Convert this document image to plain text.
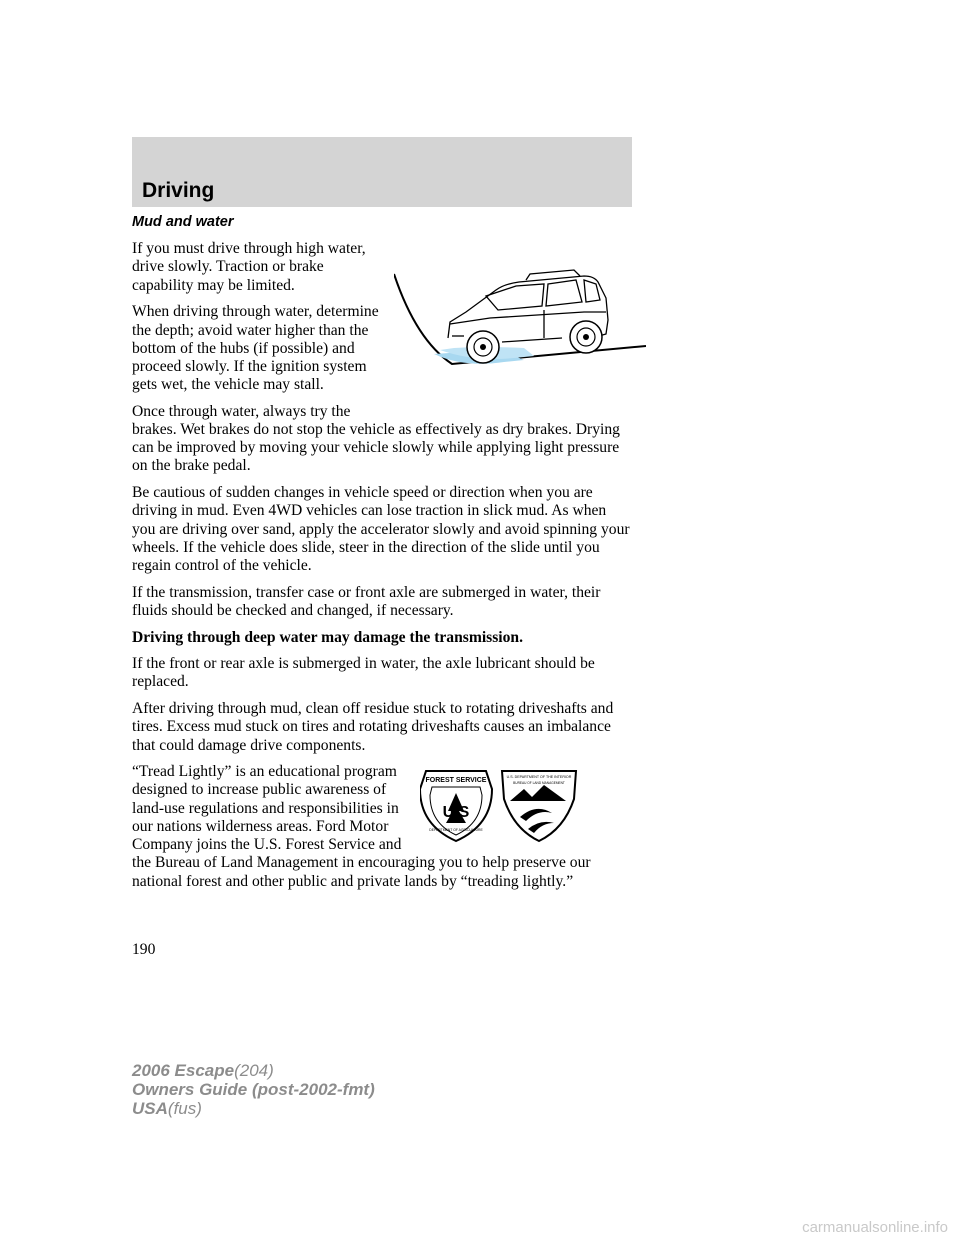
Driving
Mud and water

If you must drive through high water, drive slowly. Traction or brake capability may be limited.

When driving through water, determine the depth; avoid water higher than the bottom of the hubs (if possible) and proceed slowly. If the ignition system gets wet, the vehicle may stall.

Once through water, always try the brakes. Wet brakes do not stop the vehicle as effectively as dry brakes. Drying can be improved by moving your vehicle slowly while applying light pressure on the brake pedal.

Be cautious of sudden changes in vehicle speed or direction when you are driving in mud. Even 4WD vehicles can lose traction in slick mud. As when you are driving over sand, apply the accelerator slowly and avoid spinning your wheels. If the vehicle does slide, steer in the direction of the slide until you regain control of the vehicle.

If the transmission, transfer case or front axle are submerged in water, their fluids should be checked and changed, if necessary.

Driving through deep water may damage the transmission.

If the front or rear axle is submerged in water, the axle lubricant should be replaced.

After driving through mud, clean off residue stuck to rotating driveshafts and tires. Excess mud stuck on tires and rotating driveshafts causes an imbalance that could damage drive components.

FOREST SERVICE
U S
DEPARTMENT OF AGRICULTURE
U.S. DEPARTMENT OF THE INTERIOR
BUREAU OF LAND MANAGEMENT

“Tread Lightly” is an educational program designed to increase public awareness of land-use regulations and responsibilities in our nations wilderness areas. Ford Motor Company joins the U.S. Forest Service and the Bureau of Land Management in encouraging you to help preserve our national forest and other public and private lands by “treading lightly.”

190
2006 Escape(204)
Owners Guide (post-2002-fmt)
USA(fus)
carmanualsonline.info
